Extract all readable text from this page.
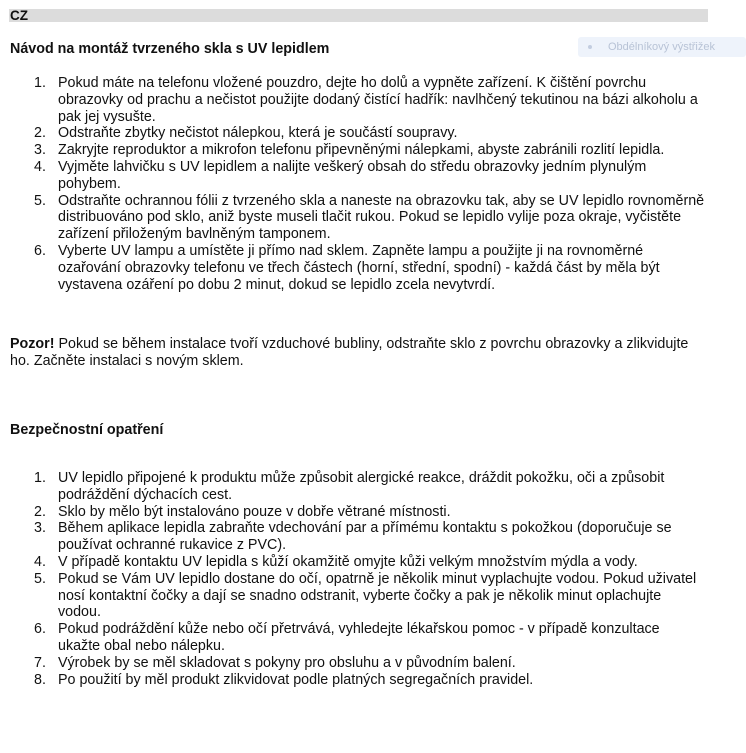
CZ
Obdélníkový výstřižek
Návod na montáž tvrzeného skla s UV lepidlem
1. Pokud máte na telefonu vložené pouzdro, dejte ho dolů a vypněte zařízení. K čištění povrchu obrazovky od prachu a nečistot použijte dodaný čistící hadřík: navlhčený tekutinou na bázi alkoholu a pak jej vysušte.
2. Odstraňte zbytky nečistot nálepkou, která je součástí soupravy.
3. Zakryjte reproduktor a mikrofon telefonu připevněnými nálepkami, abyste zabránili rozlití lepidla.
4. Vyjměte lahvičku s UV lepidlem a nalijte veškerý obsah do středu obrazovky jedním plynulým pohybem.
5. Odstraňte ochrannou fólii z tvrzeného skla a naneste na obrazovku tak, aby se UV lepidlo rovnoměrně distribuováno pod sklo, aniž byste museli tlačit rukou. Pokud se lepidlo vylije poza okraje, vyčistěte zařízení přiloženým bavlněným tamponem.
6. Vyberte UV lampu a umístěte ji přímo nad sklem. Zapněte lampu a použijte ji na rovnoměrné ozařování obrazovky telefonu ve třech částech (horní, střední, spodní) - každá část by měla být vystavena ozáření po dobu 2 minut, dokud se lepidlo zcela nevytvrdí.

Pozor! Pokud se během instalace tvoří vzduchové bubliny, odstraňte sklo z povrchu obrazovky a zlikvidujte ho. Začněte instalaci s novým sklem.

Bezpečnostní opatření
1. UV lepidlo připojené k produktu může způsobit alergické reakce, dráždit pokožku, oči a způsobit podráždění dýchacích cest.
2. Sklo by mělo být instalováno pouze v dobře větrané místnosti.
3. Během aplikace lepidla zabraňte vdechování par a přímému kontaktu s pokožkou (doporučuje se používat ochranné rukavice z PVC).
4. V případě kontaktu UV lepidla s kůží okamžitě omyjte kůži velkým množstvím mýdla a vody.
5. Pokud se Vám UV lepidlo dostane do očí, opatrně je několik minut vyplachujte vodou. Pokud uživatel nosí kontaktní čočky a dají se snadno odstranit, vyberte čočky a pak je několik minut oplachujte vodou.
6. Pokud podráždění kůže nebo očí přetrvává, vyhledejte lékařskou pomoc - v případě konzultace ukažte obal nebo nálepku.
7. Výrobek by se měl skladovat s pokyny pro obsluhu a v původním balení.
8. Po použití by měl produkt zlikvidovat podle platných segregačních pravidel.
